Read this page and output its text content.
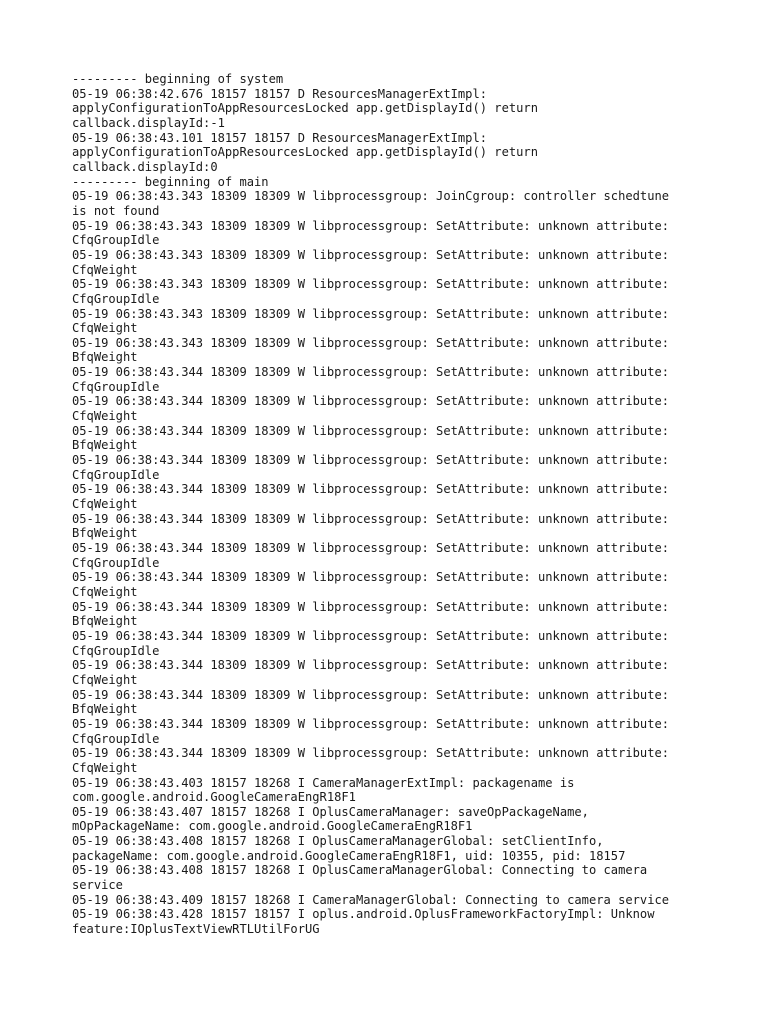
--------- beginning of system
05-19 06:38:42.676 18157 18157 D ResourcesManagerExtImpl:
applyConfigurationToAppResourcesLocked app.getDisplayId() return
callback.displayId:-1
05-19 06:38:43.101 18157 18157 D ResourcesManagerExtImpl:
applyConfigurationToAppResourcesLocked app.getDisplayId() return
callback.displayId:0
--------- beginning of main
05-19 06:38:43.343 18309 18309 W libprocessgroup: JoinCgroup: controller schedtune
is not found
05-19 06:38:43.343 18309 18309 W libprocessgroup: SetAttribute: unknown attribute:
CfqGroupIdle
05-19 06:38:43.343 18309 18309 W libprocessgroup: SetAttribute: unknown attribute:
CfqWeight
05-19 06:38:43.343 18309 18309 W libprocessgroup: SetAttribute: unknown attribute:
CfqGroupIdle
05-19 06:38:43.343 18309 18309 W libprocessgroup: SetAttribute: unknown attribute:
CfqWeight
05-19 06:38:43.343 18309 18309 W libprocessgroup: SetAttribute: unknown attribute:
BfqWeight
05-19 06:38:43.344 18309 18309 W libprocessgroup: SetAttribute: unknown attribute:
CfqGroupIdle
05-19 06:38:43.344 18309 18309 W libprocessgroup: SetAttribute: unknown attribute:
CfqWeight
05-19 06:38:43.344 18309 18309 W libprocessgroup: SetAttribute: unknown attribute:
BfqWeight
05-19 06:38:43.344 18309 18309 W libprocessgroup: SetAttribute: unknown attribute:
CfqGroupIdle
05-19 06:38:43.344 18309 18309 W libprocessgroup: SetAttribute: unknown attribute:
CfqWeight
05-19 06:38:43.344 18309 18309 W libprocessgroup: SetAttribute: unknown attribute:
BfqWeight
05-19 06:38:43.344 18309 18309 W libprocessgroup: SetAttribute: unknown attribute:
CfqGroupIdle
05-19 06:38:43.344 18309 18309 W libprocessgroup: SetAttribute: unknown attribute:
CfqWeight
05-19 06:38:43.344 18309 18309 W libprocessgroup: SetAttribute: unknown attribute:
BfqWeight
05-19 06:38:43.344 18309 18309 W libprocessgroup: SetAttribute: unknown attribute:
CfqGroupIdle
05-19 06:38:43.344 18309 18309 W libprocessgroup: SetAttribute: unknown attribute:
CfqWeight
05-19 06:38:43.344 18309 18309 W libprocessgroup: SetAttribute: unknown attribute:
BfqWeight
05-19 06:38:43.344 18309 18309 W libprocessgroup: SetAttribute: unknown attribute:
CfqGroupIdle
05-19 06:38:43.344 18309 18309 W libprocessgroup: SetAttribute: unknown attribute:
CfqWeight
05-19 06:38:43.403 18157 18268 I CameraManagerExtImpl: packagename is
com.google.android.GoogleCameraEngR18F1
05-19 06:38:43.407 18157 18268 I OplusCameraManager: saveOpPackageName,
mOpPackageName: com.google.android.GoogleCameraEngR18F1
05-19 06:38:43.408 18157 18268 I OplusCameraManagerGlobal: setClientInfo,
packageName: com.google.android.GoogleCameraEngR18F1, uid: 10355, pid: 18157
05-19 06:38:43.408 18157 18268 I OplusCameraManagerGlobal: Connecting to camera
service
05-19 06:38:43.409 18157 18268 I CameraManagerGlobal: Connecting to camera service
05-19 06:38:43.428 18157 18157 I oplus.android.OplusFrameworkFactoryImpl: Unknow
feature:IOplusTextViewRTLUtilForUG
